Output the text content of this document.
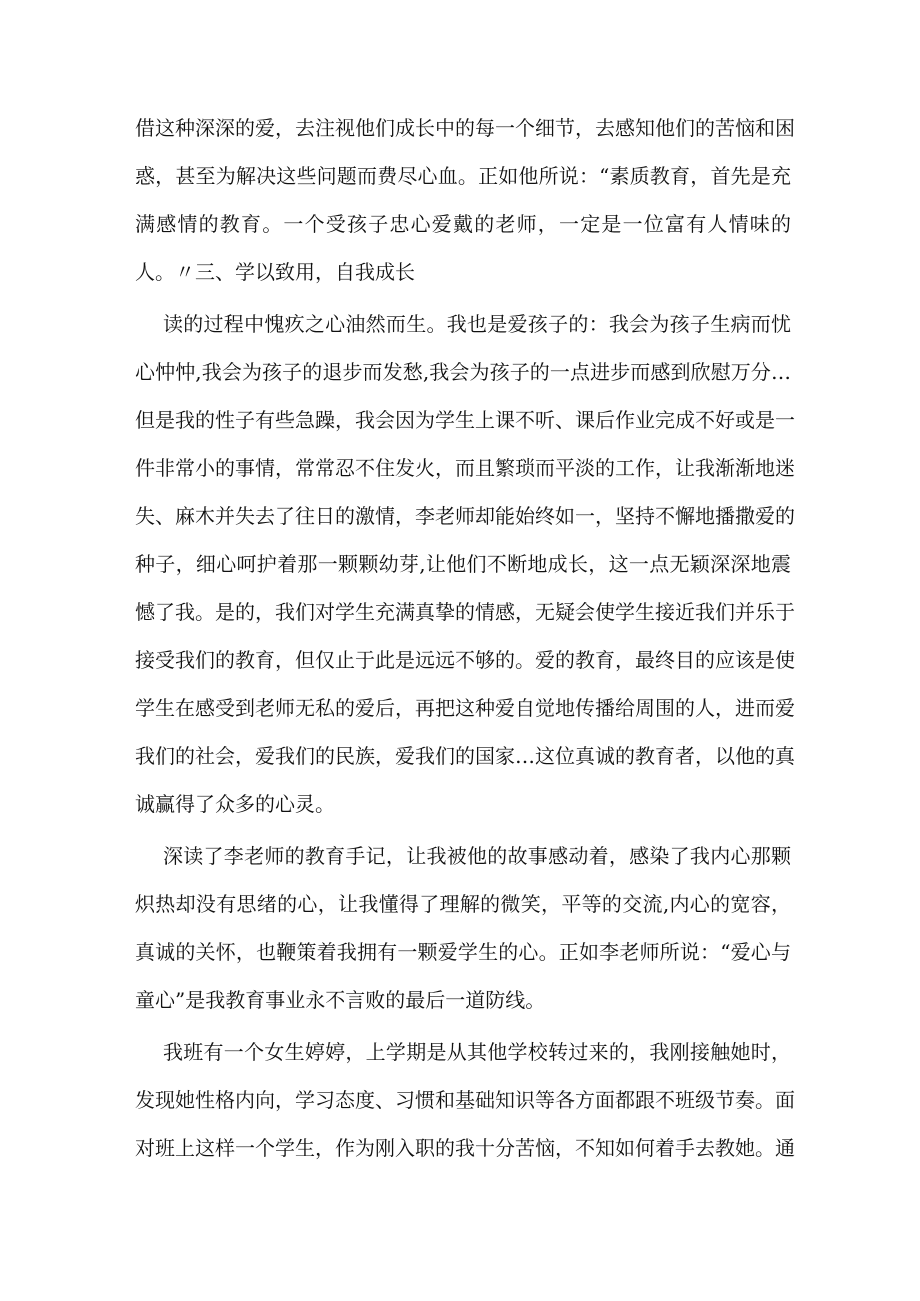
借这种深深的爱，去注视他们成长中的每一个细节，去感知他们的苦恼和困
惑，甚至为解决这些问题而费尽心血。正如他所说：“素质教育，首先是充
满感情的教育。一个受孩子忠心爱戴的老师，一定是一位富有人情味的
人。〃三、学以致用，自我成长
读的过程中愧疚之心油然而生。我也是爱孩子的：我会为孩子生病而忧
心忡忡,我会为孩子的退步而发愁,我会为孩子的一点进步而感到欣慰万分…
但是我的性子有些急躁，我会因为学生上课不听、课后作业完成不好或是一
件非常小的事情，常常忍不住发火，而且繁琐而平淡的工作，让我渐渐地迷
失、麻木并失去了往日的激情，李老师却能始终如一，坚持不懈地播撒爱的
种子，细心呵护着那一颗颗幼芽,让他们不断地成长，这一点无颖深深地震
憾了我。是的，我们对学生充满真挚的情感，无疑会使学生接近我们并乐于
接受我们的教育，但仅止于此是远远不够的。爱的教育，最终目的应该是使
学生在感受到老师无私的爱后，再把这种爱自觉地传播给周围的人，进而爱
我们的社会，爱我们的民族，爱我们的国家…这位真诚的教育者，以他的真
诚赢得了众多的心灵。
深读了李老师的教育手记，让我被他的故事感动着，感染了我内心那颗
炽热却没有思绪的心，让我懂得了理解的微笑，平等的交流,内心的宽容，
真诚的关怀，也鞭策着我拥有一颗爱学生的心。正如李老师所说：“爱心与
童心”是我教育事业永不言败的最后一道防线。
我班有一个女生婷婷，上学期是从其他学校转过来的，我刚接触她时，
发现她性格内向，学习态度、习惯和基础知识等各方面都跟不班级节奏。面
对班上这样一个学生，作为刚入职的我十分苦恼，不知如何着手去教她。通
